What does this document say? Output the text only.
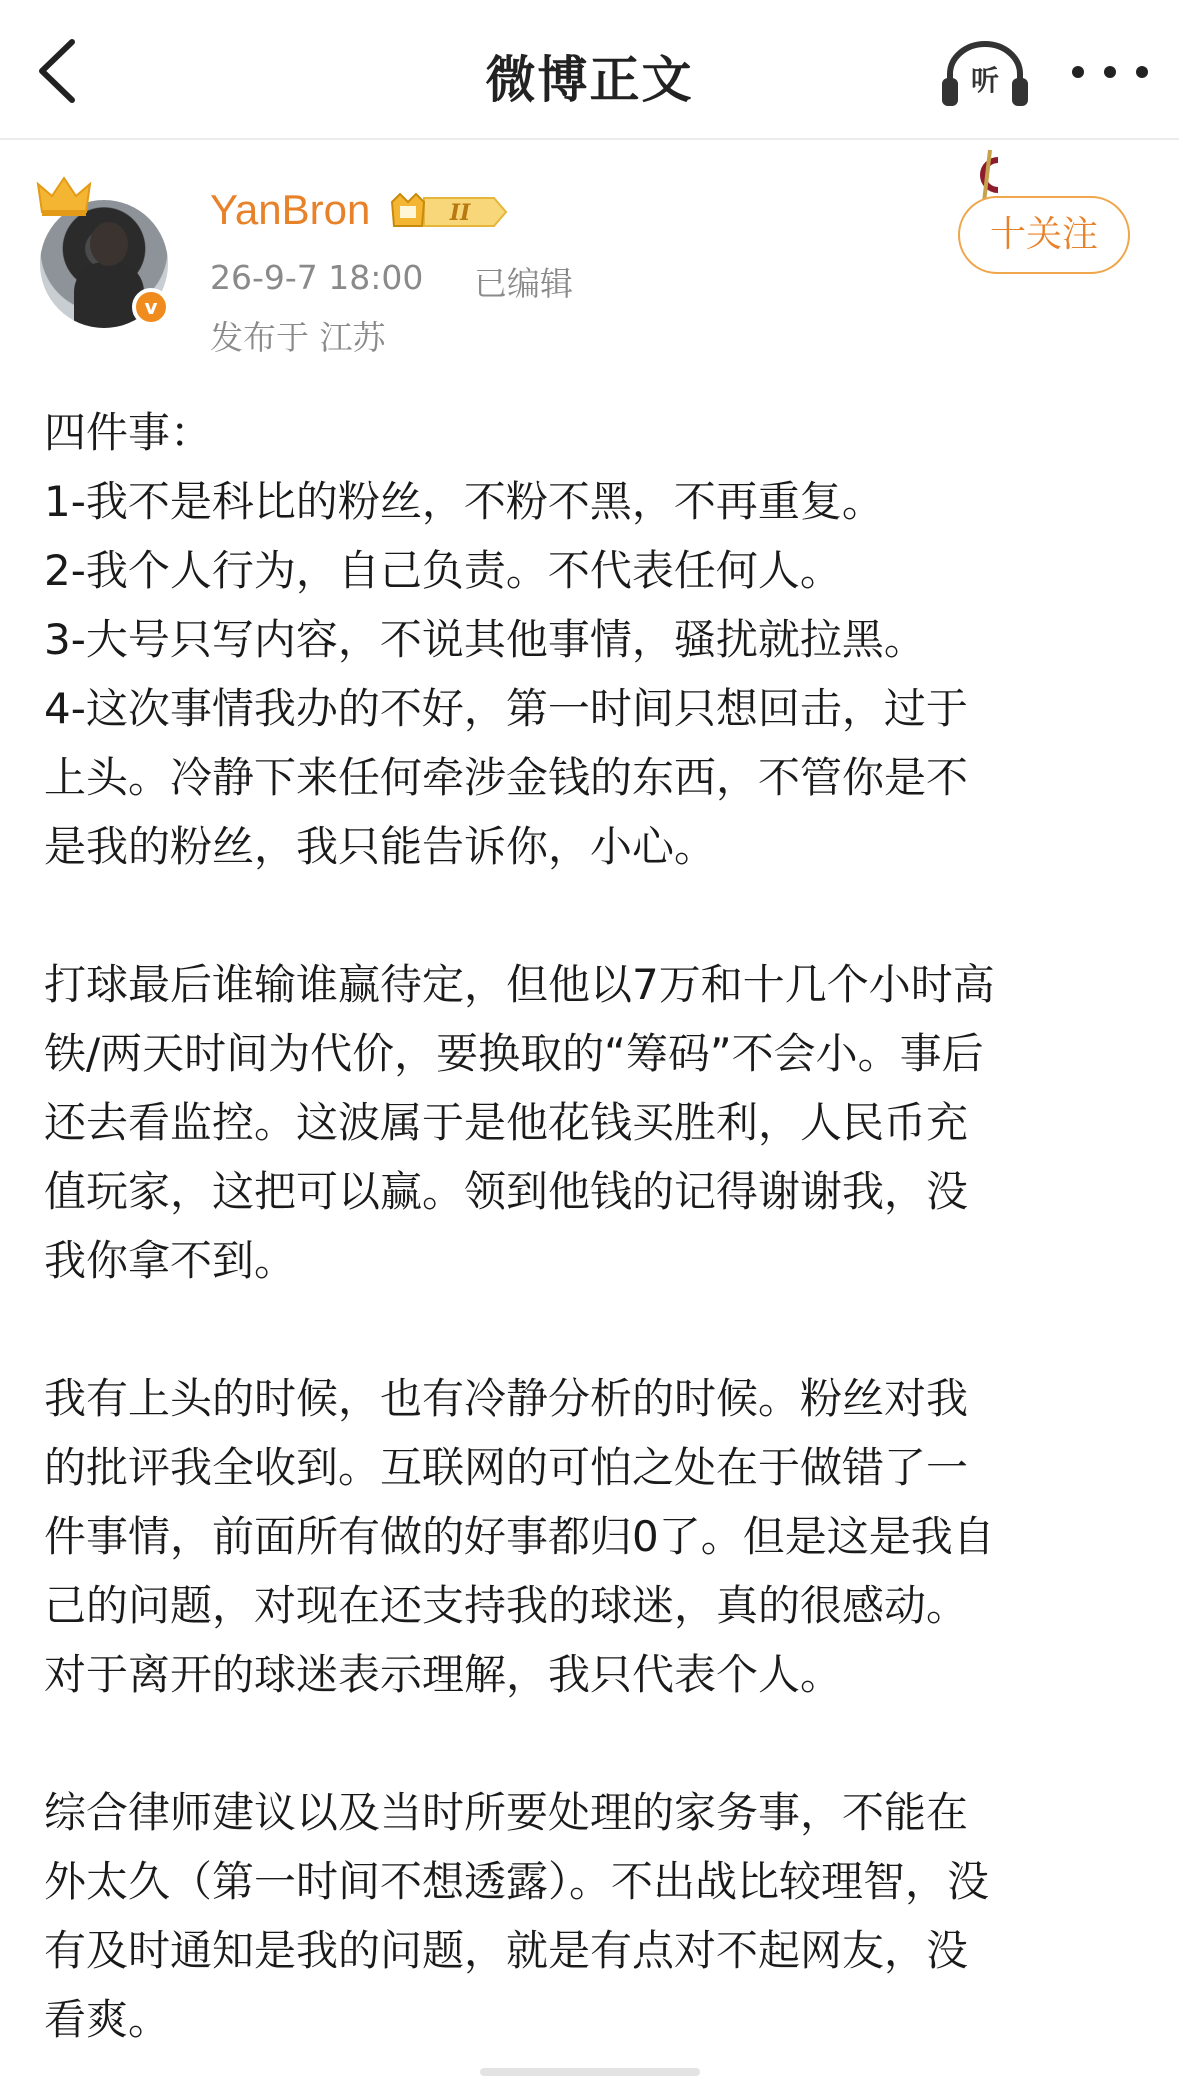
微博正文	听
v
YanBron	II
26-9-7 18:00 已编辑
发布于 江苏
十关注

四件事：

1-我不是科比的粉丝，不粉不黑，不再重复。

2-我个人行为，自己负责。不代表任何人。

3-大号只写内容，不说其他事情，骚扰就拉黑。

4-这次事情我办的不好，第一时间只想回击，过于

上头。冷静下来任何牵涉金钱的东西，不管你是不

是我的粉丝，我只能告诉你，小心。

打球最后谁输谁赢待定，但他以7万和十几个小时高

铁/两天时间为代价，要换取的“筹码”不会小。事后

还去看监控。这波属于是他花钱买胜利，人民币充

值玩家，这把可以赢。领到他钱的记得谢谢我，没

我你拿不到。

我有上头的时候，也有冷静分析的时候。粉丝对我

的批评我全收到。互联网的可怕之处在于做错了一

件事情，前面所有做的好事都归0了。但是这是我自

己的问题，对现在还支持我的球迷，真的很感动。

对于离开的球迷表示理解，我只代表个人。

综合律师建议以及当时所要处理的家务事，不能在

外太久（第一时间不想透露）。不出战比较理智，没

有及时通知是我的问题，就是有点对不起网友，没

看爽。
